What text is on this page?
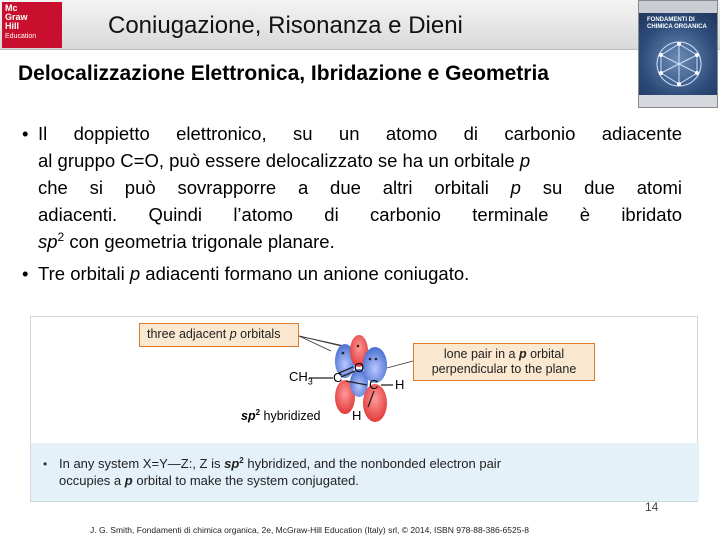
Mc
Graw
Hill
Education	Coniugazione, Risonanza e Dieni	FONDAMENTI DI
CHIMICA ORGANICA
Delocalizzazione Elettronica, Ibridazione e Geometria
• Il doppietto elettronico, su un atomo di carbonio adiacente
al gruppo C=O, può essere delocalizzato se ha un orbitale p
che si può sovrapporre a due altri orbitali p su due atomi
adiacenti. Quindi l’atomo di carbonio terminale è ibridato
$sp^2$ con geometria trigonale planare.
• Tre orbitali p adiacenti formano un anione coniugato.
three adjacent p orbitals
lone pair in a p orbital
perpendicular to the plane
$CH_3$ C
O
C H
H
$sp^2$ hybridized
• In any system X=Y—Z:, Z is $sp^2$ hybridized, and the nonbonded electron pair
occupies a p orbital to make the system conjugated.
14
J. G. Smith, Fondamenti di chimica organica, 2e, McGraw-Hill Education (Italy) srl, © 2014, ISBN 978-88-386-6525-8
